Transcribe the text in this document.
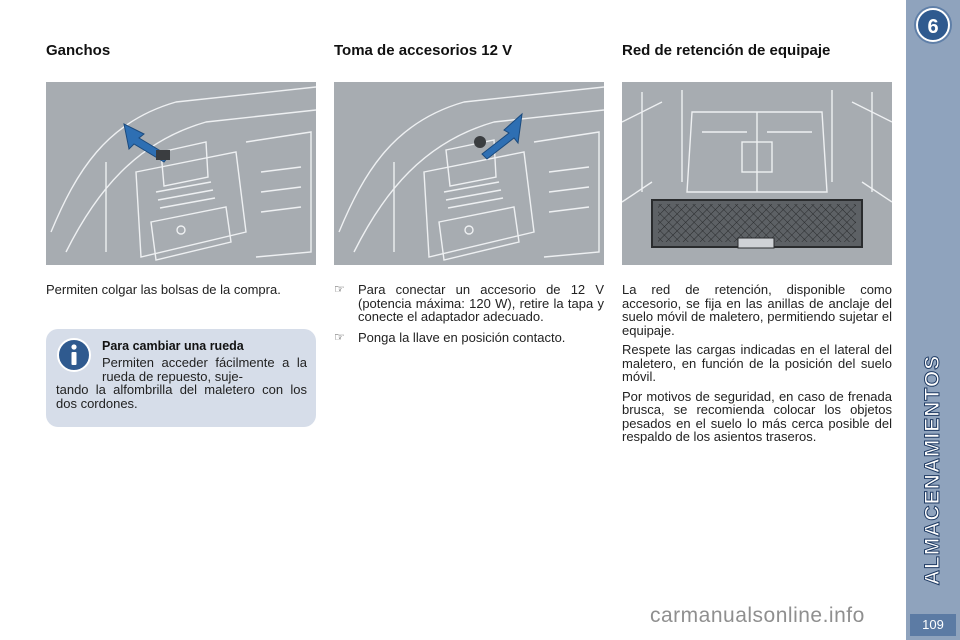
Ganchos
Permiten colgar las bolsas de la compra.
Para cambiar una rueda
Permiten acceder fácilmente a la rueda de repuesto, suje-
tando la alfombrilla del maletero con los dos cordones.
Toma de accesorios 12 V
☞ Para conectar un accesorio de 12 V (potencia máxima: 120 W), retire la tapa y conecte el adaptador adecuado.
☞ Ponga la llave en posición contacto.
Red de retención de equipaje
La red de retención, disponible como accesorio, se fija en las anillas de anclaje del suelo móvil de maletero, permitiendo sujetar el equipaje.
Respete las cargas indicadas en el lateral del maletero, en función de la posición del suelo móvil.
Por motivos de seguridad, en caso de frenada brusca, se recomienda colocar los objetos pesados en el suelo lo más cerca posible del respaldo de los asientos traseros.
6
ALMACENAMIENTOS
109
carmanualsonline.info
